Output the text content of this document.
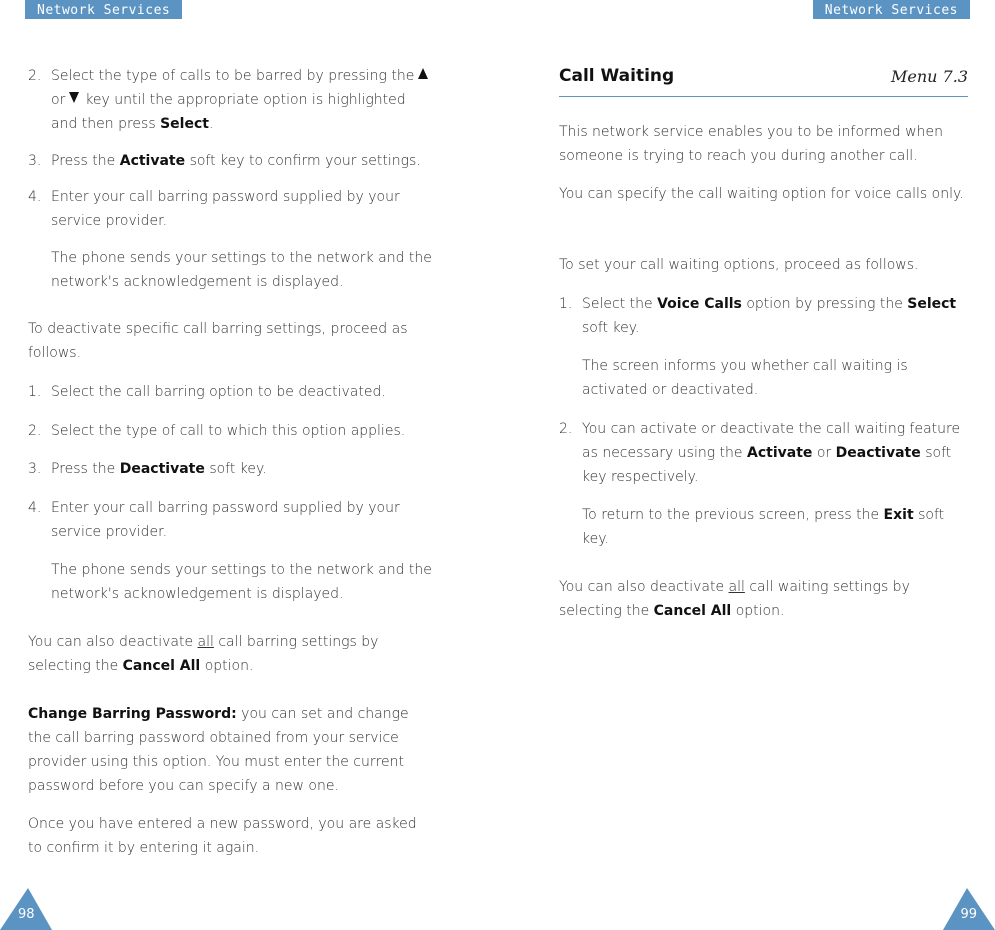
Network Services	Network Services
2. Select the type of calls to be barred by pressing theor key until the appropriate option is highlighted and then press Select.
3. Press the Activate soft key to confirm your settings.
4. Enter your call barring password supplied by your service provider.
The phone sends your settings to the network and the network's acknowledgement is displayed.
To deactivate specific call barring settings, proceed as follows.
1. Select the call barring option to be deactivated.
2. Select the type of call to which this option applies.
3. Press the Deactivate soft key.
4. Enter your call barring password supplied by your service provider.
The phone sends your settings to the network and the network's acknowledgement is displayed.
You can also deactivate all call barring settings by selecting the Cancel All option.
Change Barring Password: you can set and change the call barring password obtained from your service provider using this option. You must enter the current password before you can specify a new one.
Once you have entered a new password, you are asked to confirm it by entering it again.
Call Waiting	Menu 7.3
This network service enables you to be informed when someone is trying to reach you during another call.
You can specify the call waiting option for voice calls only.
To set your call waiting options, proceed as follows.
1. Select the Voice Calls option by pressing the Select soft key.
The screen informs you whether call waiting is activated or deactivated.
2. You can activate or deactivate the call waiting feature as necessary using the Activate or Deactivate soft key respectively.
To return to the previous screen, press the Exit soft key.
You can also deactivate all call waiting settings by selecting the Cancel All option.
98	99
